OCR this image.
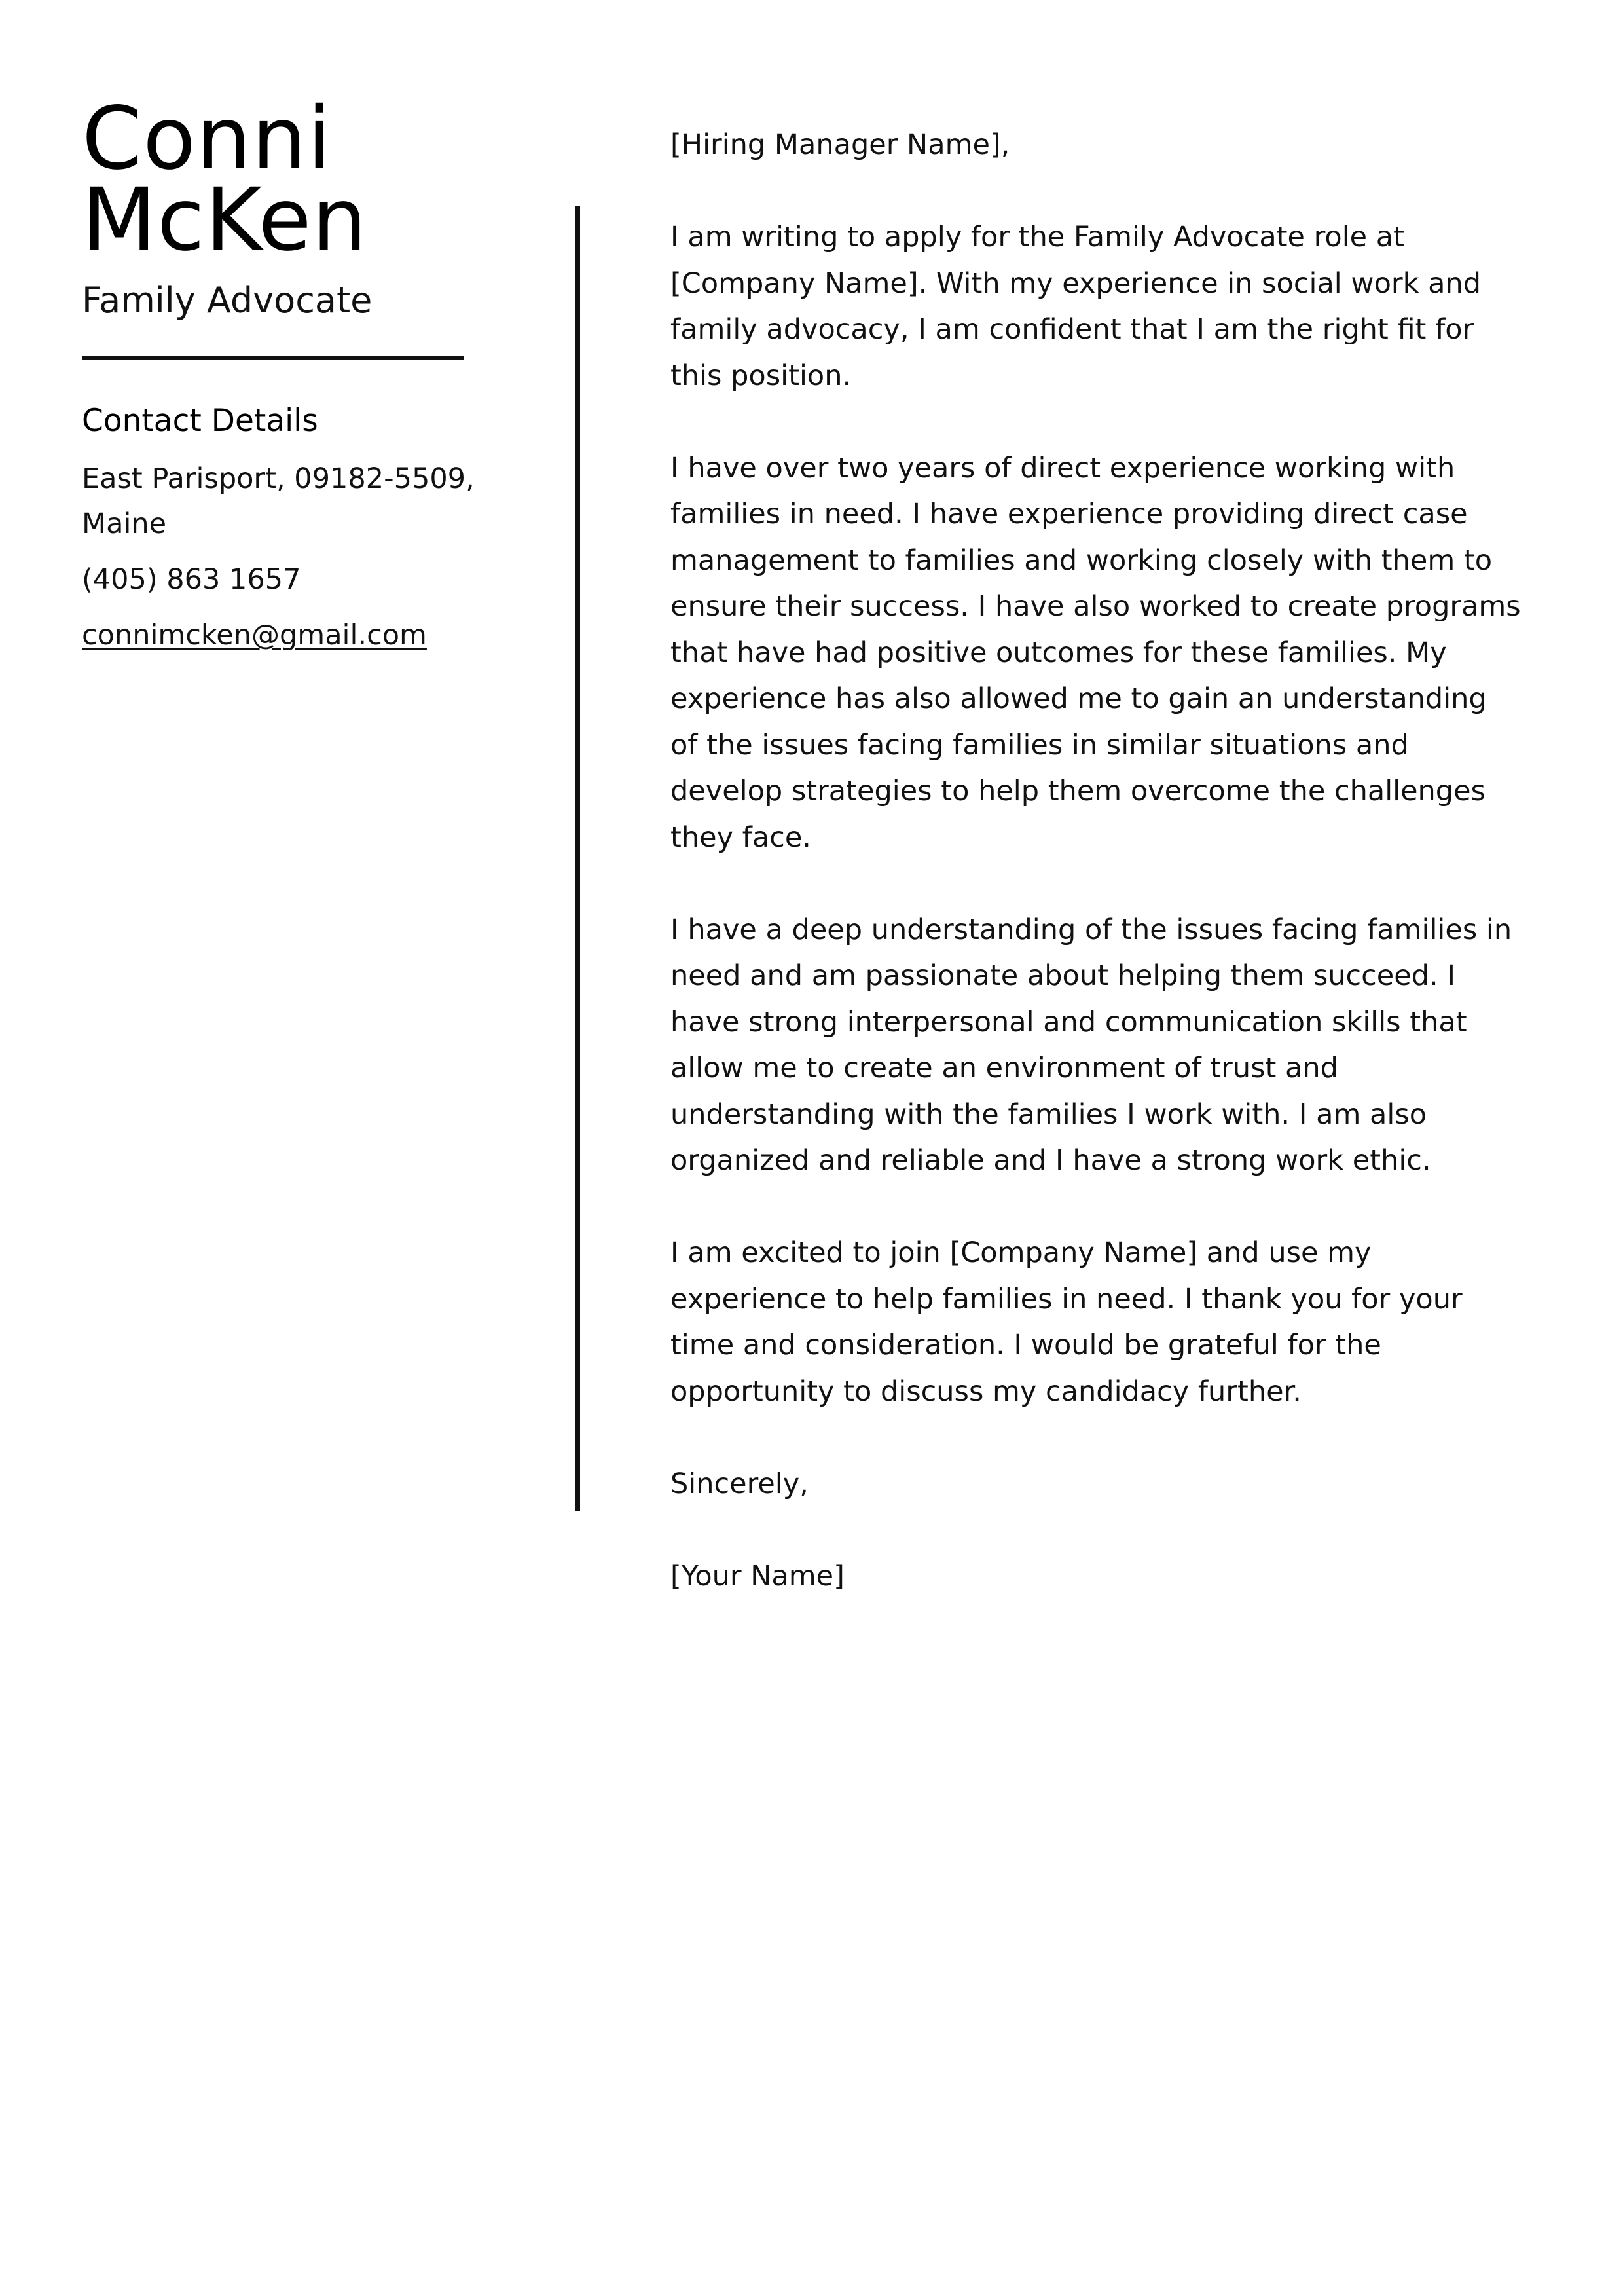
Conni
McKen
Family Advocate
Contact Details
East Parisport, 09182-5509, Maine
(405) 863 1657
connimcken@gmail.com

[Hiring Manager Name],

I am writing to apply for the Family Advocate role at [Company Name]. With my experience in social work and family advocacy, I am confident that I am the right fit for this position.

I have over two years of direct experience working with families in need. I have experience providing direct case management to families and working closely with them to ensure their success. I have also worked to create programs that have had positive outcomes for these families. My experience has also allowed me to gain an understanding of the issues facing families in similar situations and develop strategies to help them overcome the challenges they face.

I have a deep understanding of the issues facing families in need and am passionate about helping them succeed. I have strong interpersonal and communication skills that allow me to create an environment of trust and understanding with the families I work with. I am also organized and reliable and I have a strong work ethic.

I am excited to join [Company Name] and use my experience to help families in need. I thank you for your time and consideration. I would be grateful for the opportunity to discuss my candidacy further.

Sincerely,

[Your Name]
